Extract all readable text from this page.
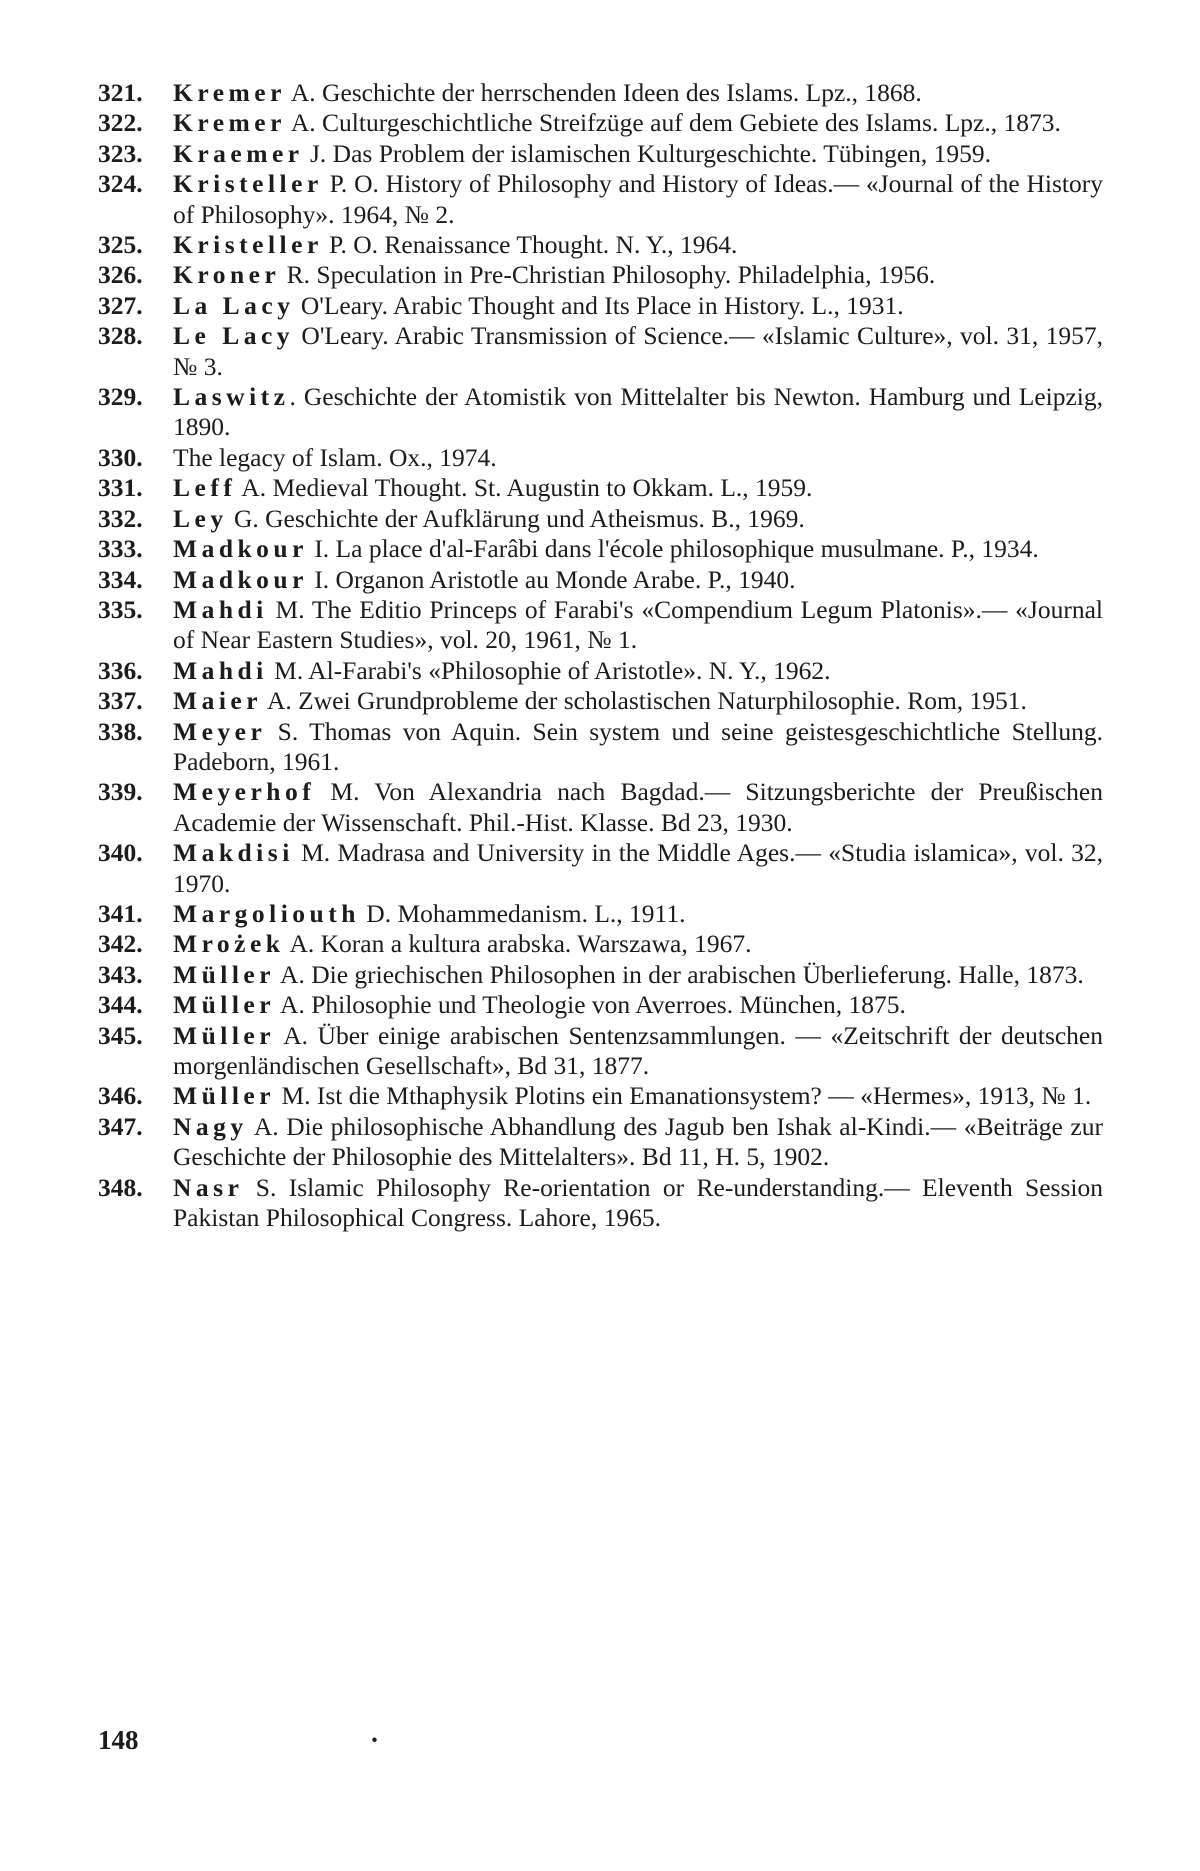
321.	Kremer A. Geschichte der herrschenden Ideen des Islams. Lpz., 1868.
322.	Kremer A. Culturgeschichtliche Streifzüge auf dem Gebiete des Islams. Lpz., 1873.
323.	Kraemer J. Das Problem der islamischen Kulturgeschichte. Tübingen, 1959.
324.	Kristeller P. O. History of Philosophy and History of Ideas.— «Journal of the History of Philosophy». 1964, № 2.
325.	Kristeller P. O. Renaissance Thought. N. Y., 1964.
326.	Kroner R. Speculation in Pre-Christian Philosophy. Philadelphia, 1956.
327.	La Lacy O'Leary. Arabic Thought and Its Place in History. L., 1931.
328.	Le Lacy O'Leary. Arabic Transmission of Science.— «Islamic Culture», vol. 31, 1957, № 3.
329.	Laswitz. Geschichte der Atomistik von Mittelalter bis Newton. Hamburg und Leipzig, 1890.
330.	The legacy of Islam. Ox., 1974.
331.	Leff A. Medieval Thought. St. Augustin to Okkam. L., 1959.
332.	Ley G. Geschichte der Aufklärung und Atheismus. B., 1969.
333.	Madkour I. La place d'al-Farâbi dans l'école philosophique musulmane. P., 1934.
334.	Madkour I. Organon Aristotle au Monde Arabe. P., 1940.
335.	Mahdi M. The Editio Princeps of Farabi's «Compendium Legum Platonis».— «Journal of Near Eastern Studies», vol. 20, 1961, № 1.
336.	Mahdi M. Al-Farabi's «Philosophie of Aristotle». N. Y., 1962.
337.	Maier A. Zwei Grundprobleme der scholastischen Naturphilosophie. Rom, 1951.
338.	Meyer S. Thomas von Aquin. Sein system und seine geistesgeschichtliche Stellung. Padeborn, 1961.
339.	Meyerhof M. Von Alexandria nach Bagdad.— Sitzungsberichte der Preußischen Academie der Wissenschaft. Phil.-Hist. Klasse. Bd 23, 1930.
340.	Makdisi M. Madrasa and University in the Middle Ages.— «Studia islamica», vol. 32, 1970.
341.	Margoliouth D. Mohammedanism. L., 1911.
342.	Mrożek A. Koran a kultura arabska. Warszawa, 1967.
343.	Müller A. Die griechischen Philosophen in der arabischen Überlieferung. Halle, 1873.
344.	Müller A. Philosophie und Theologie von Averroes. München, 1875.
345.	Müller A. Über einige arabischen Sentenzsammlungen. — «Zeitschrift der deutschen morgenländischen Gesellschaft», Bd 31, 1877.
346.	Müller M. Ist die Mthaphysik Plotins ein Emanationsystem? — «Hermes», 1913, № 1.
347.	Nagy A. Die philosophische Abhandlung des Jagub ben Ishak al-Kindi.— «Beiträge zur Geschichte der Philosophie des Mittelalters». Bd 11, H. 5, 1902.
348.	Nasr S. Islamic Philosophy Re-orientation or Re-understanding.— Eleventh Session Pakistan Philosophical Congress. Lahore, 1965.
148	·
